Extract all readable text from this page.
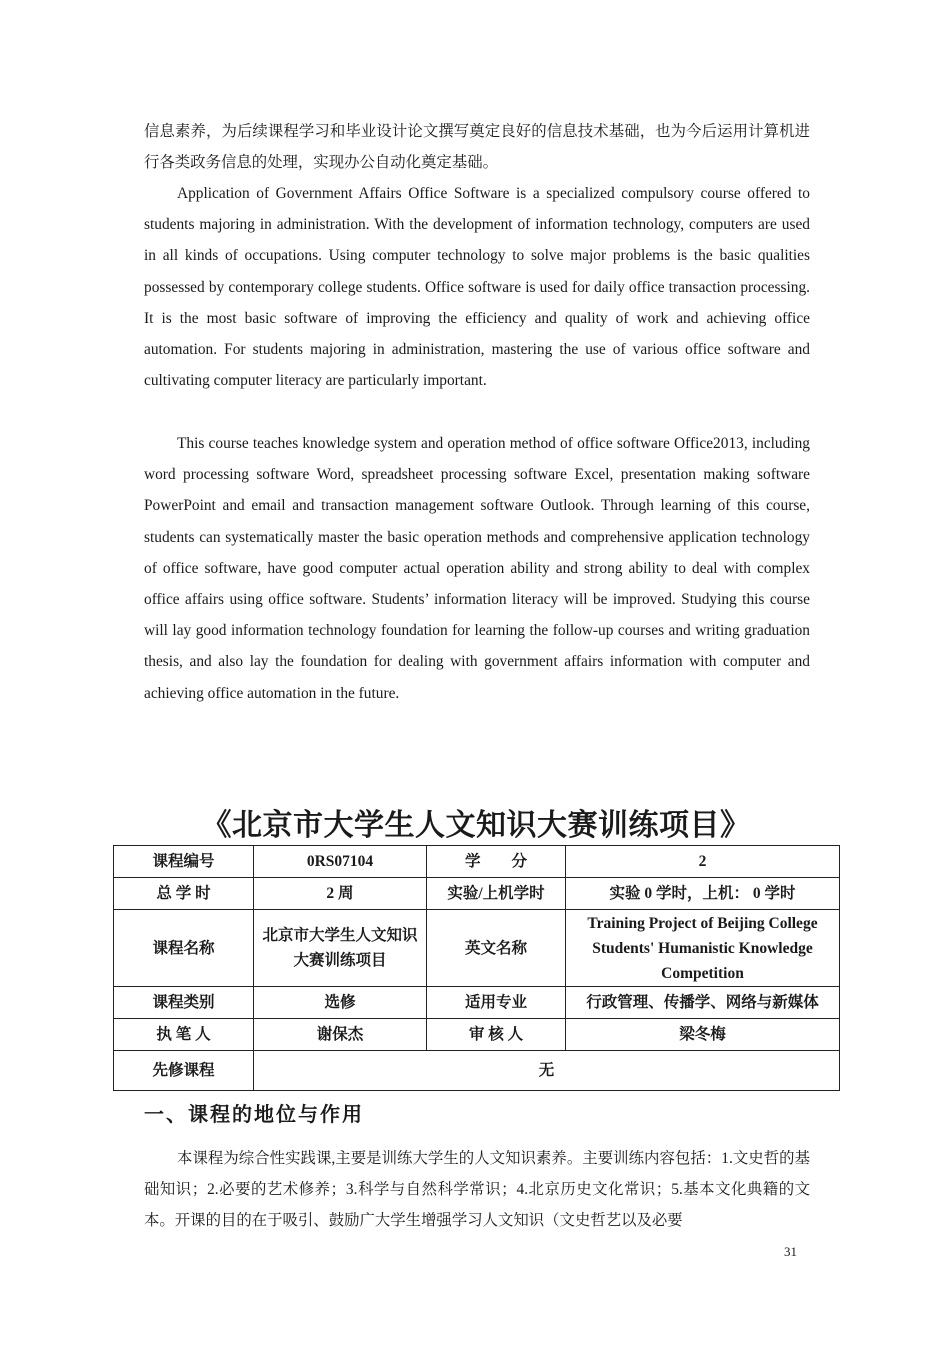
信息素养，为后续课程学习和毕业设计论文撰写奠定良好的信息技术基础，也为今后运用计算机进行各类政务信息的处理，实现办公自动化奠定基础。

Application of Government Affairs Office Software is a specialized compulsory course offered to students majoring in administration. With the development of information technology, computers are used in all kinds of occupations. Using computer technology to solve major problems is the basic qualities possessed by contemporary college students. Office software is used for daily office transaction processing. It is the most basic software of improving the efficiency and quality of work and achieving office automation. For students majoring in administration, mastering the use of various office software and cultivating computer literacy are particularly important.

This course teaches knowledge system and operation method of office software Office2013, including word processing software Word, spreadsheet processing software Excel, presentation making software PowerPoint and email and transaction management software Outlook. Through learning of this course, students can systematically master the basic operation methods and comprehensive application technology of office software, have good computer actual operation ability and strong ability to deal with complex office affairs using office software. Students’ information literacy will be improved. Studying this course will lay good information technology foundation for learning the follow-up courses and writing graduation thesis, and also lay the foundation for dealing with government affairs information with computer and achieving office automation in the future.

《北京市大学生人文知识大赛训练项目》
课程编号	0RS07104	学　　分	2
总 学 时	2 周	实验/上机学时	实验 0 学时，上机： 0 学时
课程名称	北京市大学生人文知识大赛训练项目	英文名称	Training Project of Beijing College Students' Humanistic Knowledge Competition
课程类别	选修	适用专业	行政管理、传播学、网络与新媒体
执 笔 人	谢保杰	审 核 人	梁冬梅
先修课程	无		
一、课程的地位与作用

本课程为综合性实践课,主要是训练大学生的人文知识素养。主要训练内容包括：1.文史哲的基础知识；2.必要的艺术修养；3.科学与自然科学常识；4.北京历史文化常识；5.基本文化典籍的文本。开课的目的在于吸引、鼓励广大学生增强学习人文知识（文史哲艺以及必要

31
